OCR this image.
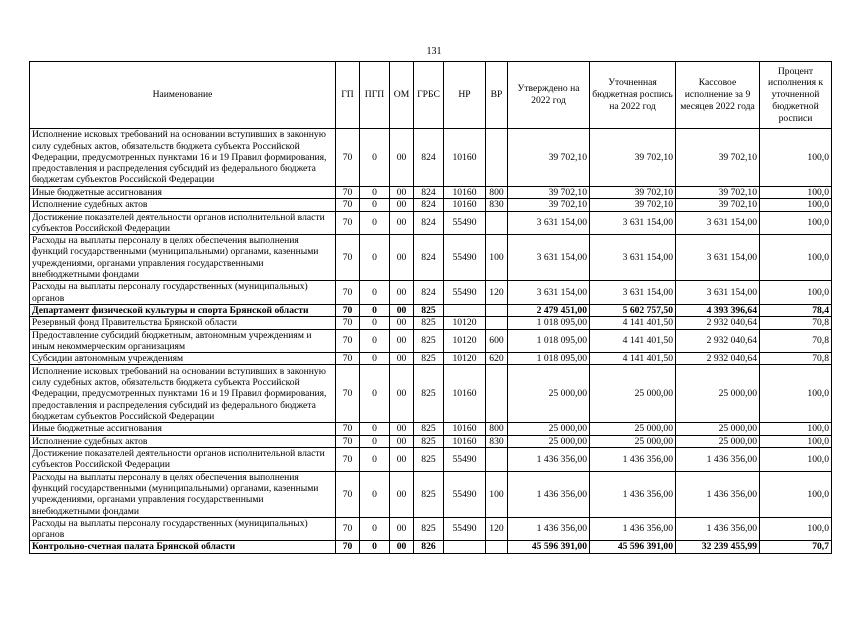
131
Наименование	ГП	ПГП	ОМ	ГРБС	НР	ВР	Утверждено на 2022 год	Уточненная бюджетная роспись на 2022 год	Кассовое исполнение за 9 месяцев 2022 года	Процент исполнения к уточненной бюджетной росписи
Исполнение исковых требований на основании вступивших в законную силу судебных актов, обязательств бюджета субъекта Российской Федерации, предусмотренных пунктами 16 и 19 Правил формирования, предоставления и распределения субсидий из федерального бюджета бюджетам субъектов Российской Федерации	70	0	00	824	10160		39 702,10	39 702,10	39 702,10	100,0
Иные бюджетные ассигнования	70	0	00	824	10160	800	39 702,10	39 702,10	39 702,10	100,0
Исполнение судебных актов	70	0	00	824	10160	830	39 702,10	39 702,10	39 702,10	100,0
Достижение показателей деятельности органов исполнительной власти субъектов Российской Федерации	70	0	00	824	55490		3 631 154,00	3 631 154,00	3 631 154,00	100,0
Расходы на выплаты персоналу в целях обеспечения выполнения функций государственными (муниципальными) органами, казенными учреждениями, органами управления государственными внебюджетными фондами	70	0	00	824	55490	100	3 631 154,00	3 631 154,00	3 631 154,00	100,0
Расходы на выплаты персоналу государственных (муниципальных) органов	70	0	00	824	55490	120	3 631 154,00	3 631 154,00	3 631 154,00	100,0
Департамент физической культуры и спорта Брянской области	70	0	00	825			2 479 451,00	5 602 757,50	4 393 396,64	78,4
Резервный фонд Правительства Брянской области	70	0	00	825	10120		1 018 095,00	4 141 401,50	2 932 040,64	70,8
Предоставление субсидий бюджетным, автономным учреждениям и иным некоммерческим организациям	70	0	00	825	10120	600	1 018 095,00	4 141 401,50	2 932 040,64	70,8
Субсидии автономным учреждениям	70	0	00	825	10120	620	1 018 095,00	4 141 401,50	2 932 040,64	70,8
Исполнение исковых требований на основании вступивших в законную силу судебных актов, обязательств бюджета субъекта Российской Федерации, предусмотренных пунктами 16 и 19 Правил формирования, предоставления и распределения субсидий из федерального бюджета бюджетам субъектов Российской Федерации	70	0	00	825	10160		25 000,00	25 000,00	25 000,00	100,0
Иные бюджетные ассигнования	70	0	00	825	10160	800	25 000,00	25 000,00	25 000,00	100,0
Исполнение судебных актов	70	0	00	825	10160	830	25 000,00	25 000,00	25 000,00	100,0
Достижение показателей деятельности органов исполнительной власти субъектов Российской Федерации	70	0	00	825	55490		1 436 356,00	1 436 356,00	1 436 356,00	100,0
Расходы на выплаты персоналу в целях обеспечения выполнения функций государственными (муниципальными) органами, казенными учреждениями, органами управления государственными внебюджетными фондами	70	0	00	825	55490	100	1 436 356,00	1 436 356,00	1 436 356,00	100,0
Расходы на выплаты персоналу государственных (муниципальных) органов	70	0	00	825	55490	120	1 436 356,00	1 436 356,00	1 436 356,00	100,0
Контрольно-счетная палата Брянской области	70	0	00	826			45 596 391,00	45 596 391,00	32 239 455,99	70,7
